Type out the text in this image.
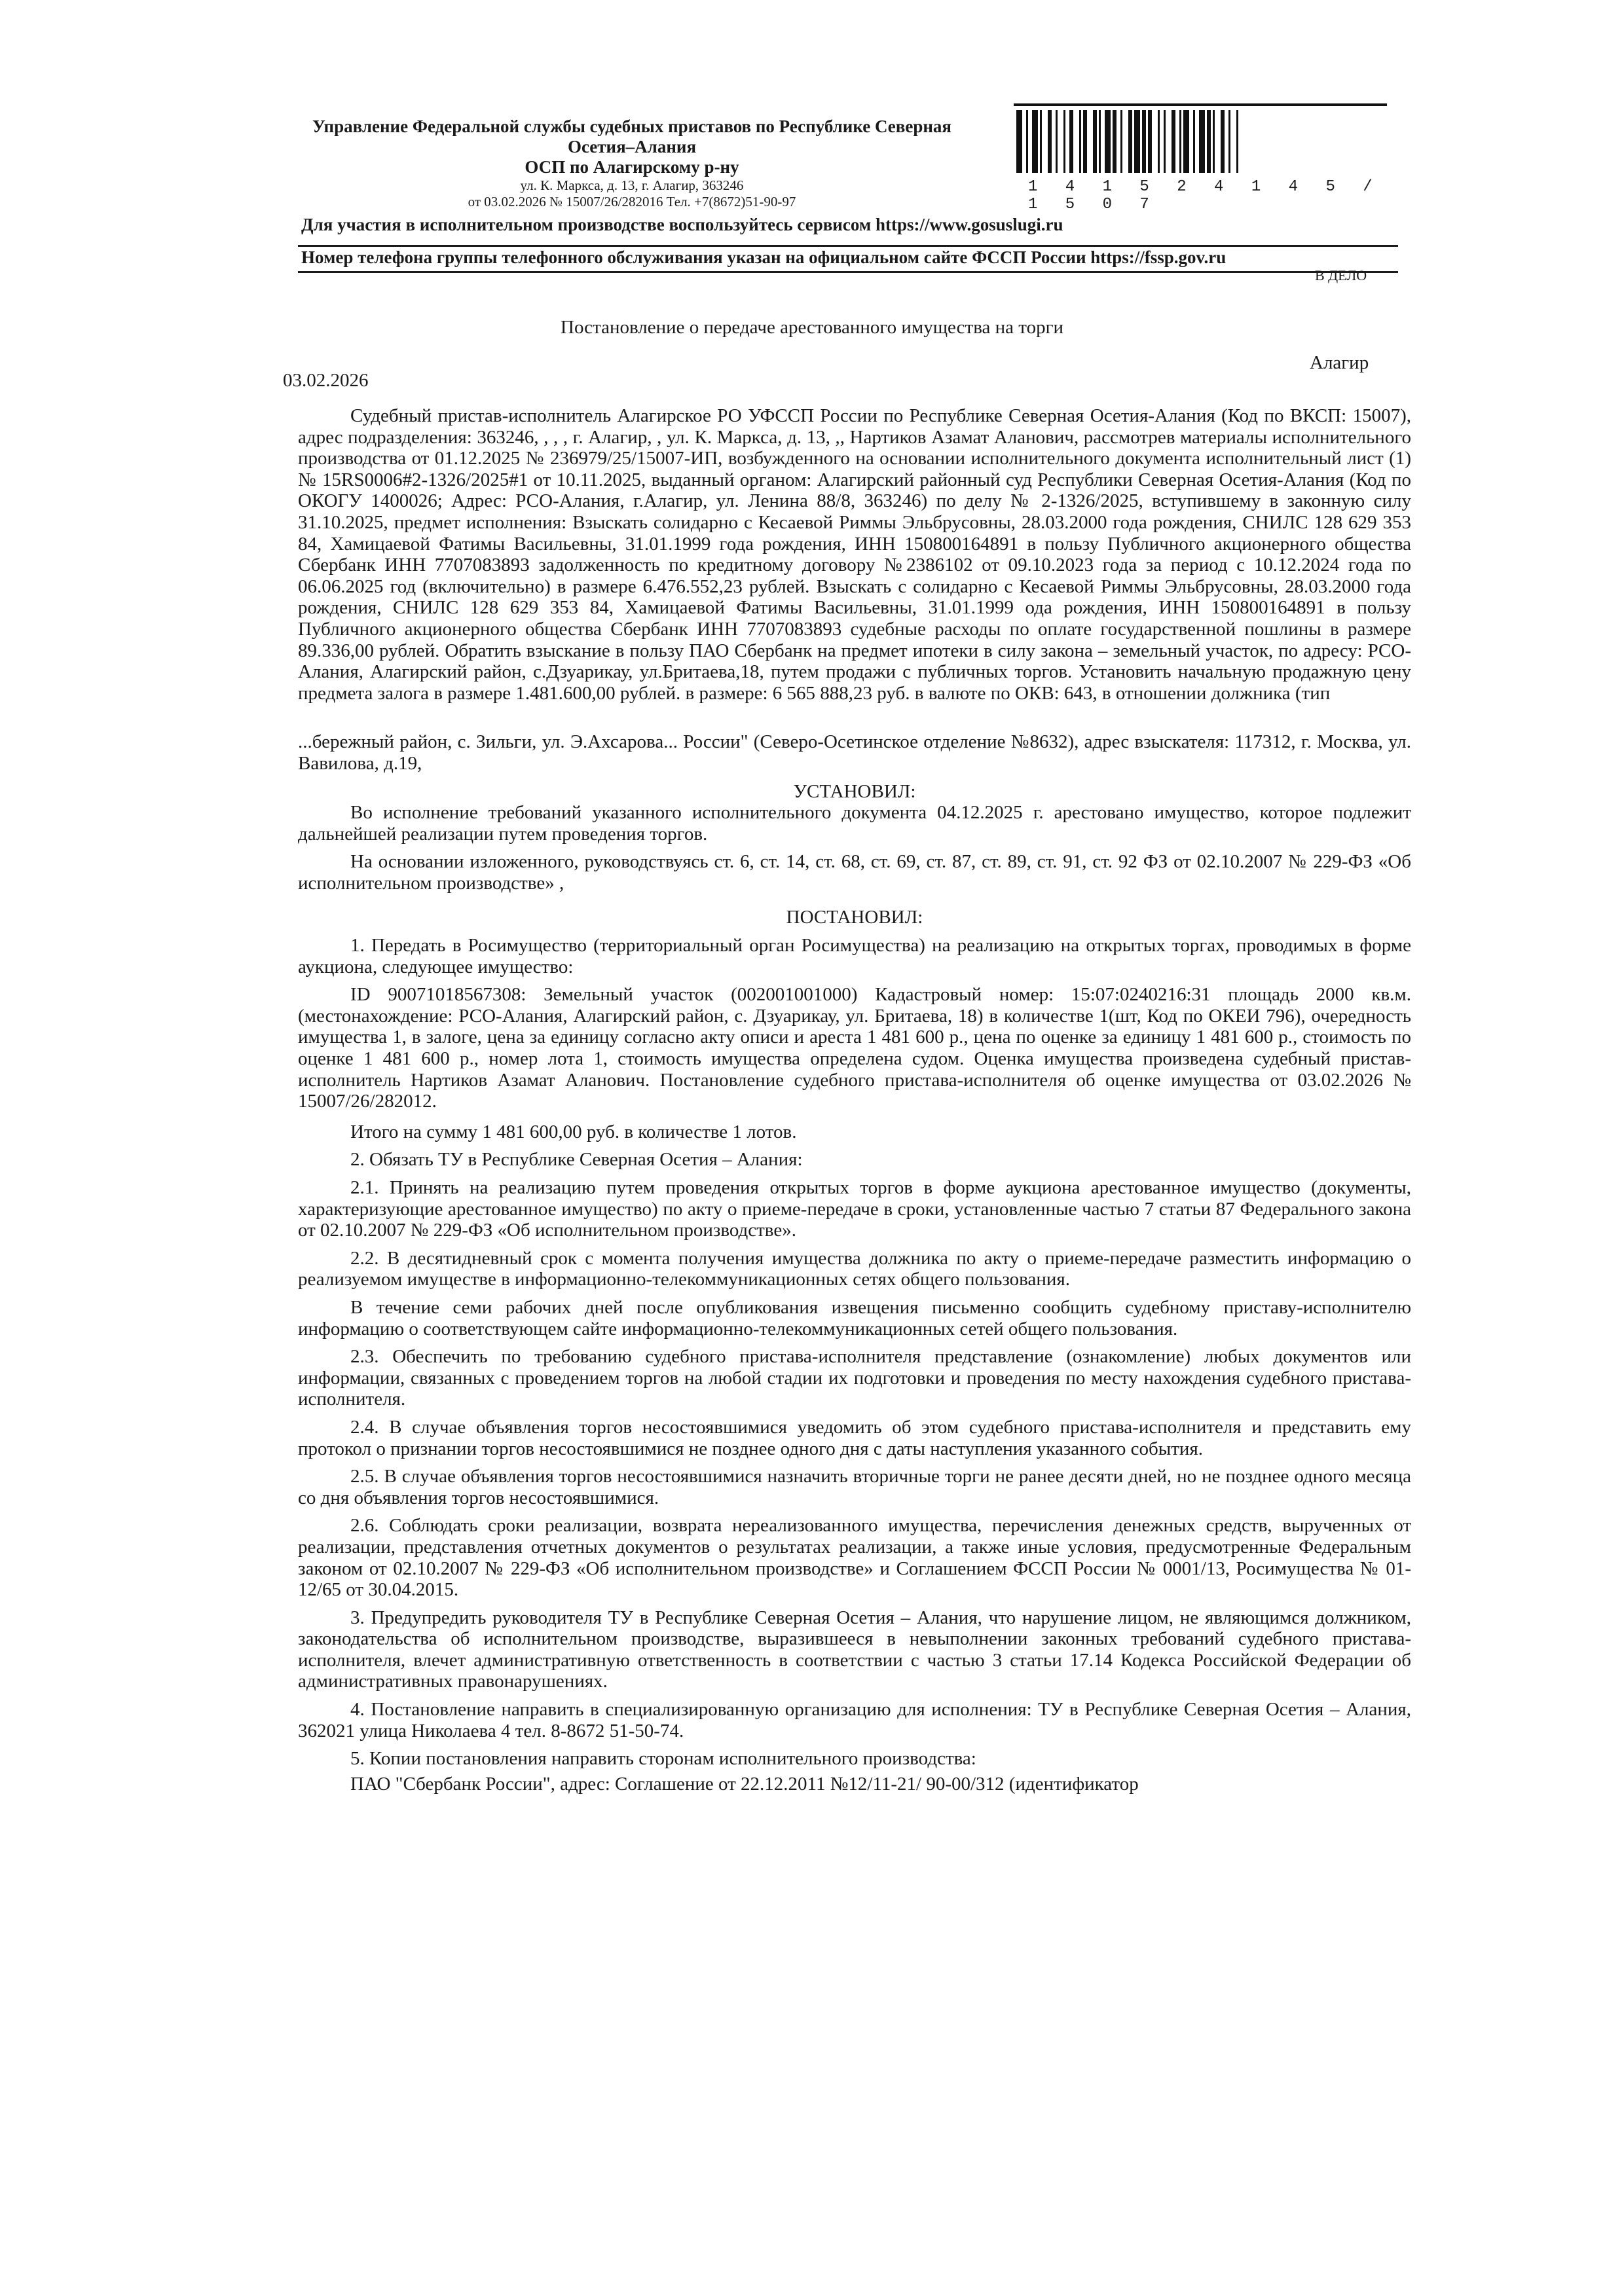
Управление Федеральной службы судебных приставов по Республике Северная
Осетия–Алания
ОСП по Алагирскому р-ну
ул. К. Маркса, д. 13, г. Алагир, 363246
от 03.02.2026 № 15007/26/282016 Тел. +7(8672)51-90-97
1 4 1 5 2 4 1 4 5 / 1 5 0 7
Для участия в исполнительном производстве воспользуйтесь сервисом https://www.gosuslugi.ru
Номер телефона группы телефонного обслуживания указан на официальном сайте ФССП России https://fssp.gov.ru
В ДЕЛО
Постановление о передаче арестованного имущества на торги
Алагир
03.02.2026

Судебный пристав-исполнитель Алагирское РО УФССП России по Республике Северная Осетия-Алания (Код по ВКСП: 15007), адрес подразделения: 363246, , , , г. Алагир, , ул. К. Маркса, д. 13, ,, Нартиков Азамат Аланович, рассмотрев материалы исполнительного производства от 01.12.2025 № 236979/25/15007-ИП, возбужденного на основании исполнительного документа исполнительный лист (1) № 15RS0006#2-1326/2025#1 от 10.11.2025, выданный органом: Алагирский районный суд Республики Северная Осетия-Алания (Код по ОКОГУ 1400026; Адрес: РСО-Алания, г.Алагир, ул. Ленина 88/8, 363246) по делу № 2-1326/2025, вступившему в законную силу 31.10.2025, предмет исполнения: Взыскать солидарно с Кесаевой Риммы Эльбрусовны, 28.03.2000 года рождения, СНИЛС 128 629 353 84, Хамицаевой Фатимы Васильевны, 31.01.1999 года рождения, ИНН 150800164891 в пользу Публичного акционерного общества Сбербанк ИНН 7707083893 задолженность по кредитному договору №2386102 от 09.10.2023 года за период с 10.12.2024 года по 06.06.2025 год (включительно) в размере 6.476.552,23 рублей. Взыскать с солидарно с Кесаевой Риммы Эльбрусовны, 28.03.2000 года рождения, СНИЛС 128 629 353 84, Хамицаевой Фатимы Васильевны, 31.01.1999 ода рождения, ИНН 150800164891 в пользу Публичного акционерного общества Сбербанк ИНН 7707083893 судебные расходы по оплате государственной пошлины в размере 89.336,00 рублей. Обратить взыскание в пользу ПАО Сбербанк на предмет ипотеки в силу закона – земельный участок, по адресу: РСО-Алания, Алагирский район, с.Дзуарикау, ул.Бритаева,18, путем продажи с публичных торгов. Установить начальную продажную цену предмета залога в размере 1.481.600,00 рублей. в размере: 6 565 888,23 руб. в валюте по ОКВ: 643, в отношении должника (тип

...бережный район, с. Зильги, ул. Э.Ахсарова... России" (Северо-Осетинское отделение №8632), адрес взыскателя: 117312, г. Москва, ул. Вавилова, д.19,

УСТАНОВИЛ:

Во исполнение требований указанного исполнительного документа 04.12.2025 г. арестовано имущество, которое подлежит дальнейшей реализации путем проведения торгов.

На основании изложенного, руководствуясь ст. 6, ст. 14, ст. 68, ст. 69, ст. 87, ст. 89, ст. 91, ст. 92 ФЗ от 02.10.2007 № 229-ФЗ «Об исполнительном производстве» ,

ПОСТАНОВИЛ:

1. Передать в Росимущество (территориальный орган Росимущества) на реализацию на открытых торгах, проводимых в форме аукциона, следующее имущество:

ID 90071018567308: Земельный участок (002001001000) Кадастровый номер: 15:07:0240216:31 площадь 2000 кв.м. (местонахождение: РСО-Алания, Алагирский район, с. Дзуарикау, ул. Бритаева, 18) в количестве 1(шт, Код по ОКЕИ 796), очередность имущества 1, в залоге, цена за единицу согласно акту описи и ареста 1 481 600 р., цена по оценке за единицу 1 481 600 р., стоимость по оценке 1 481 600 р., номер лота 1, стоимость имущества определена судом. Оценка имущества произведена судебный пристав-исполнитель Нартиков Азамат Аланович. Постановление судебного пристава-исполнителя об оценке имущества от 03.02.2026 № 15007/26/282012.

Итого на сумму 1 481 600,00 руб. в количестве 1 лотов.

2. Обязать ТУ в Республике Северная Осетия – Алания:

2.1. Принять на реализацию путем проведения открытых торгов в форме аукциона арестованное имущество (документы, характеризующие арестованное имущество) по акту о приеме-передаче в сроки, установленные частью 7 статьи 87 Федерального закона от 02.10.2007 № 229-ФЗ «Об исполнительном производстве».

2.2. В десятидневный срок с момента получения имущества должника по акту о приеме-передаче разместить информацию о реализуемом имуществе в информационно-телекоммуникационных сетях общего пользования.

В течение семи рабочих дней после опубликования извещения письменно сообщить судебному приставу-исполнителю информацию о соответствующем сайте информационно-телекоммуникационных сетей общего пользования.

2.3. Обеспечить по требованию судебного пристава-исполнителя представление (ознакомление) любых документов или информации, связанных с проведением торгов на любой стадии их подготовки и проведения по месту нахождения судебного пристава-исполнителя.

2.4. В случае объявления торгов несостоявшимися уведомить об этом судебного пристава-исполнителя и представить ему протокол о признании торгов несостоявшимися не позднее одного дня с даты наступления указанного события.

2.5. В случае объявления торгов несостоявшимися назначить вторичные торги не ранее десяти дней, но не позднее одного месяца со дня объявления торгов несостоявшимися.

2.6. Соблюдать сроки реализации, возврата нереализованного имущества, перечисления денежных средств, вырученных от реализации, представления отчетных документов о результатах реализации, а также иные условия, предусмотренные Федеральным законом от 02.10.2007 № 229-ФЗ «Об исполнительном производстве» и Соглашением ФССП России № 0001/13, Росимущества № 01-12/65 от 30.04.2015.

3. Предупредить руководителя ТУ в Республике Северная Осетия – Алания, что нарушение лицом, не являющимся должником, законодательства об исполнительном производстве, выразившееся в невыполнении законных требований судебного пристава-исполнителя, влечет административную ответственность в соответствии с частью 3 статьи 17.14 Кодекса Российской Федерации об административных правонарушениях.

4. Постановление направить в специализированную организацию для исполнения: ТУ в Республике Северная Осетия – Алания, 362021 улица Николаева 4 тел. 8-8672 51-50-74.

5. Копии постановления направить сторонам исполнительного производства:

ПАО "Сбербанк России", адрес: Соглашение от 22.12.2011 №12/11-21/ 90-00/312 (идентификатор
